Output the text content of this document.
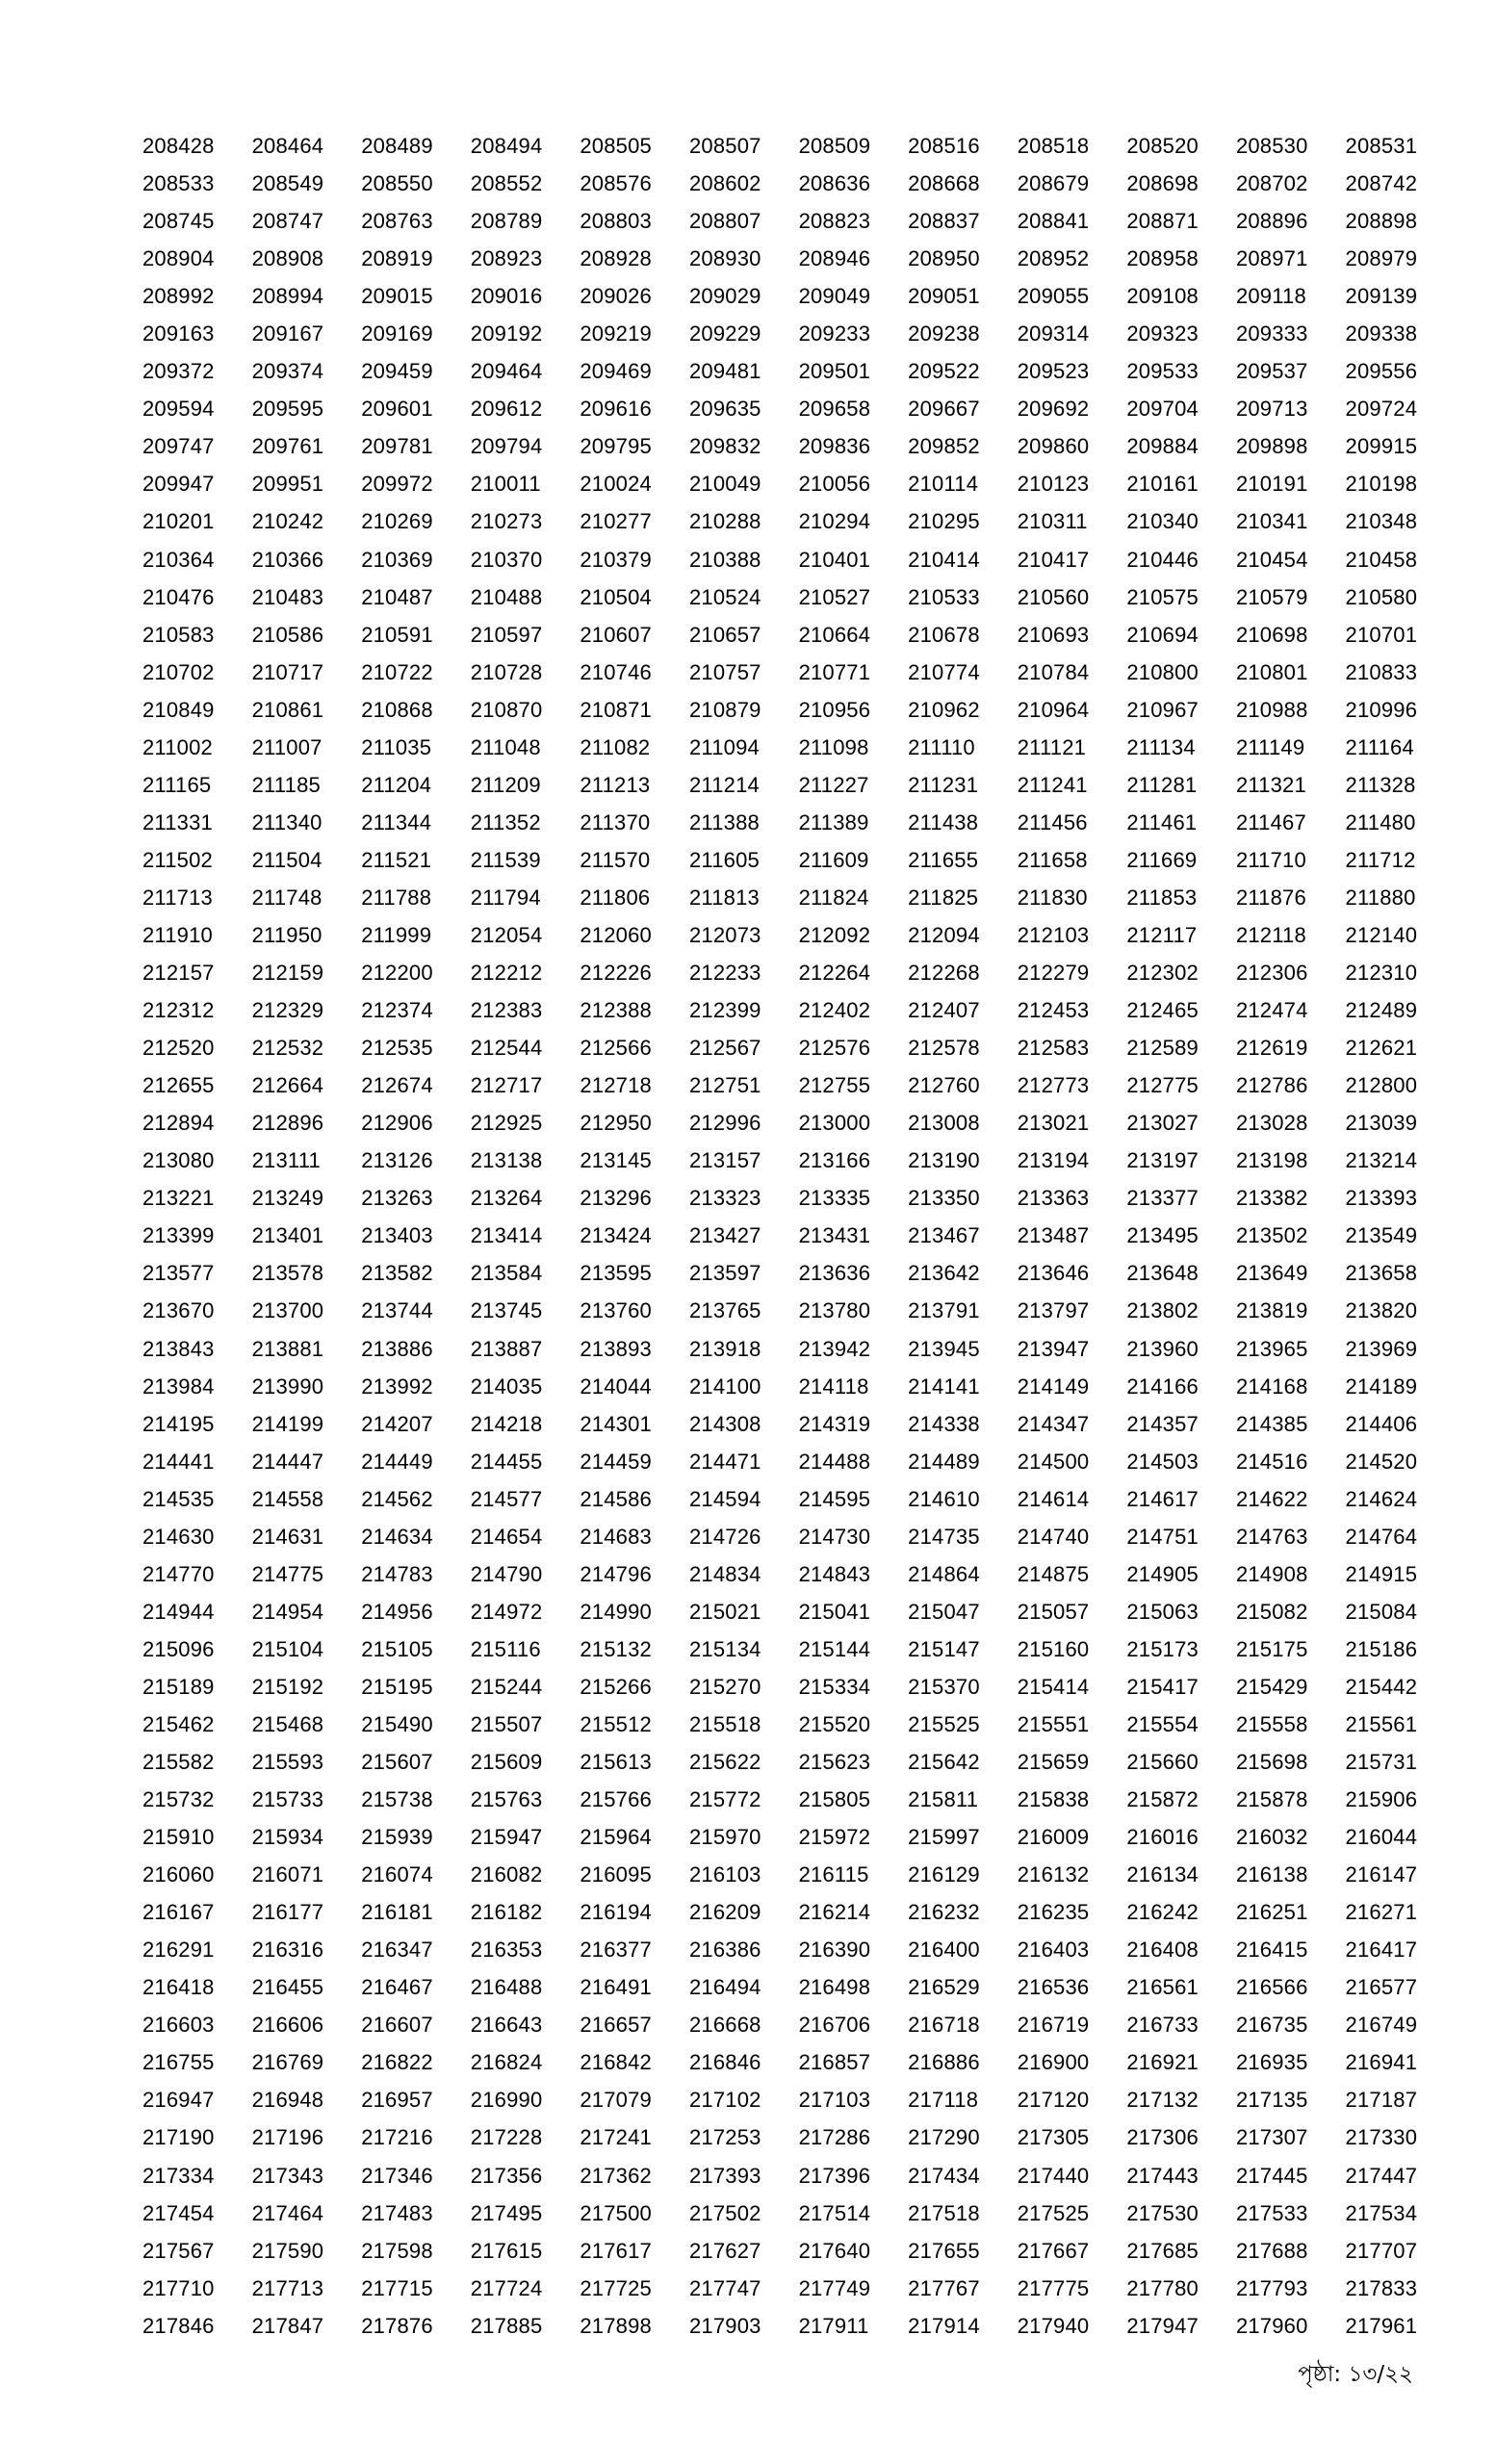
208428	208464	208489	208494	208505	208507	208509	208516	208518	208520	208530	208531
208533	208549	208550	208552	208576	208602	208636	208668	208679	208698	208702	208742
208745	208747	208763	208789	208803	208807	208823	208837	208841	208871	208896	208898
208904	208908	208919	208923	208928	208930	208946	208950	208952	208958	208971	208979
208992	208994	209015	209016	209026	209029	209049	209051	209055	209108	209118	209139
209163	209167	209169	209192	209219	209229	209233	209238	209314	209323	209333	209338
209372	209374	209459	209464	209469	209481	209501	209522	209523	209533	209537	209556
209594	209595	209601	209612	209616	209635	209658	209667	209692	209704	209713	209724
209747	209761	209781	209794	209795	209832	209836	209852	209860	209884	209898	209915
209947	209951	209972	210011	210024	210049	210056	210114	210123	210161	210191	210198
210201	210242	210269	210273	210277	210288	210294	210295	210311	210340	210341	210348
210364	210366	210369	210370	210379	210388	210401	210414	210417	210446	210454	210458
210476	210483	210487	210488	210504	210524	210527	210533	210560	210575	210579	210580
210583	210586	210591	210597	210607	210657	210664	210678	210693	210694	210698	210701
210702	210717	210722	210728	210746	210757	210771	210774	210784	210800	210801	210833
210849	210861	210868	210870	210871	210879	210956	210962	210964	210967	210988	210996
211002	211007	211035	211048	211082	211094	211098	211110	211121	211134	211149	211164
211165	211185	211204	211209	211213	211214	211227	211231	211241	211281	211321	211328
211331	211340	211344	211352	211370	211388	211389	211438	211456	211461	211467	211480
211502	211504	211521	211539	211570	211605	211609	211655	211658	211669	211710	211712
211713	211748	211788	211794	211806	211813	211824	211825	211830	211853	211876	211880
211910	211950	211999	212054	212060	212073	212092	212094	212103	212117	212118	212140
212157	212159	212200	212212	212226	212233	212264	212268	212279	212302	212306	212310
212312	212329	212374	212383	212388	212399	212402	212407	212453	212465	212474	212489
212520	212532	212535	212544	212566	212567	212576	212578	212583	212589	212619	212621
212655	212664	212674	212717	212718	212751	212755	212760	212773	212775	212786	212800
212894	212896	212906	212925	212950	212996	213000	213008	213021	213027	213028	213039
213080	213111	213126	213138	213145	213157	213166	213190	213194	213197	213198	213214
213221	213249	213263	213264	213296	213323	213335	213350	213363	213377	213382	213393
213399	213401	213403	213414	213424	213427	213431	213467	213487	213495	213502	213549
213577	213578	213582	213584	213595	213597	213636	213642	213646	213648	213649	213658
213670	213700	213744	213745	213760	213765	213780	213791	213797	213802	213819	213820
213843	213881	213886	213887	213893	213918	213942	213945	213947	213960	213965	213969
213984	213990	213992	214035	214044	214100	214118	214141	214149	214166	214168	214189
214195	214199	214207	214218	214301	214308	214319	214338	214347	214357	214385	214406
214441	214447	214449	214455	214459	214471	214488	214489	214500	214503	214516	214520
214535	214558	214562	214577	214586	214594	214595	214610	214614	214617	214622	214624
214630	214631	214634	214654	214683	214726	214730	214735	214740	214751	214763	214764
214770	214775	214783	214790	214796	214834	214843	214864	214875	214905	214908	214915
214944	214954	214956	214972	214990	215021	215041	215047	215057	215063	215082	215084
215096	215104	215105	215116	215132	215134	215144	215147	215160	215173	215175	215186
215189	215192	215195	215244	215266	215270	215334	215370	215414	215417	215429	215442
215462	215468	215490	215507	215512	215518	215520	215525	215551	215554	215558	215561
215582	215593	215607	215609	215613	215622	215623	215642	215659	215660	215698	215731
215732	215733	215738	215763	215766	215772	215805	215811	215838	215872	215878	215906
215910	215934	215939	215947	215964	215970	215972	215997	216009	216016	216032	216044
216060	216071	216074	216082	216095	216103	216115	216129	216132	216134	216138	216147
216167	216177	216181	216182	216194	216209	216214	216232	216235	216242	216251	216271
216291	216316	216347	216353	216377	216386	216390	216400	216403	216408	216415	216417
216418	216455	216467	216488	216491	216494	216498	216529	216536	216561	216566	216577
216603	216606	216607	216643	216657	216668	216706	216718	216719	216733	216735	216749
216755	216769	216822	216824	216842	216846	216857	216886	216900	216921	216935	216941
216947	216948	216957	216990	217079	217102	217103	217118	217120	217132	217135	217187
217190	217196	217216	217228	217241	217253	217286	217290	217305	217306	217307	217330
217334	217343	217346	217356	217362	217393	217396	217434	217440	217443	217445	217447
217454	217464	217483	217495	217500	217502	217514	217518	217525	217530	217533	217534
217567	217590	217598	217615	217617	217627	217640	217655	217667	217685	217688	217707
217710	217713	217715	217724	217725	217747	217749	217767	217775	217780	217793	217833
217846	217847	217876	217885	217898	217903	217911	217914	217940	217947	217960	217961
পৃষ্ঠা: ১৩/২২
